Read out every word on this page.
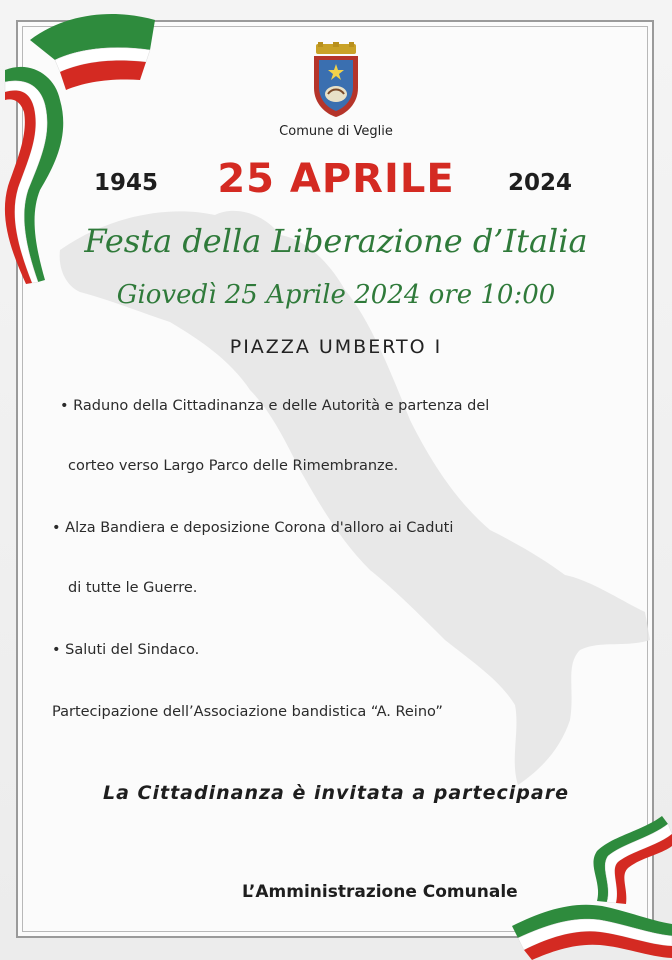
Comune di Veglie
1945	25 APRILE	2024
Festa della Liberazione d’Italia
Giovedì 25 Aprile 2024 ore 10:00
PIAZZA UMBERTO I
• Raduno della Cittadinanza e delle Autorità e partenza del
corteo verso Largo Parco delle Rimembranze.
• Alza Bandiera e deposizione Corona d'alloro ai Caduti
di tutte le Guerre.
• Saluti del Sindaco.
Partecipazione dell’Associazione bandistica “A. Reino”
La Cittadinanza è invitata a partecipare
L’Amministrazione Comunale
